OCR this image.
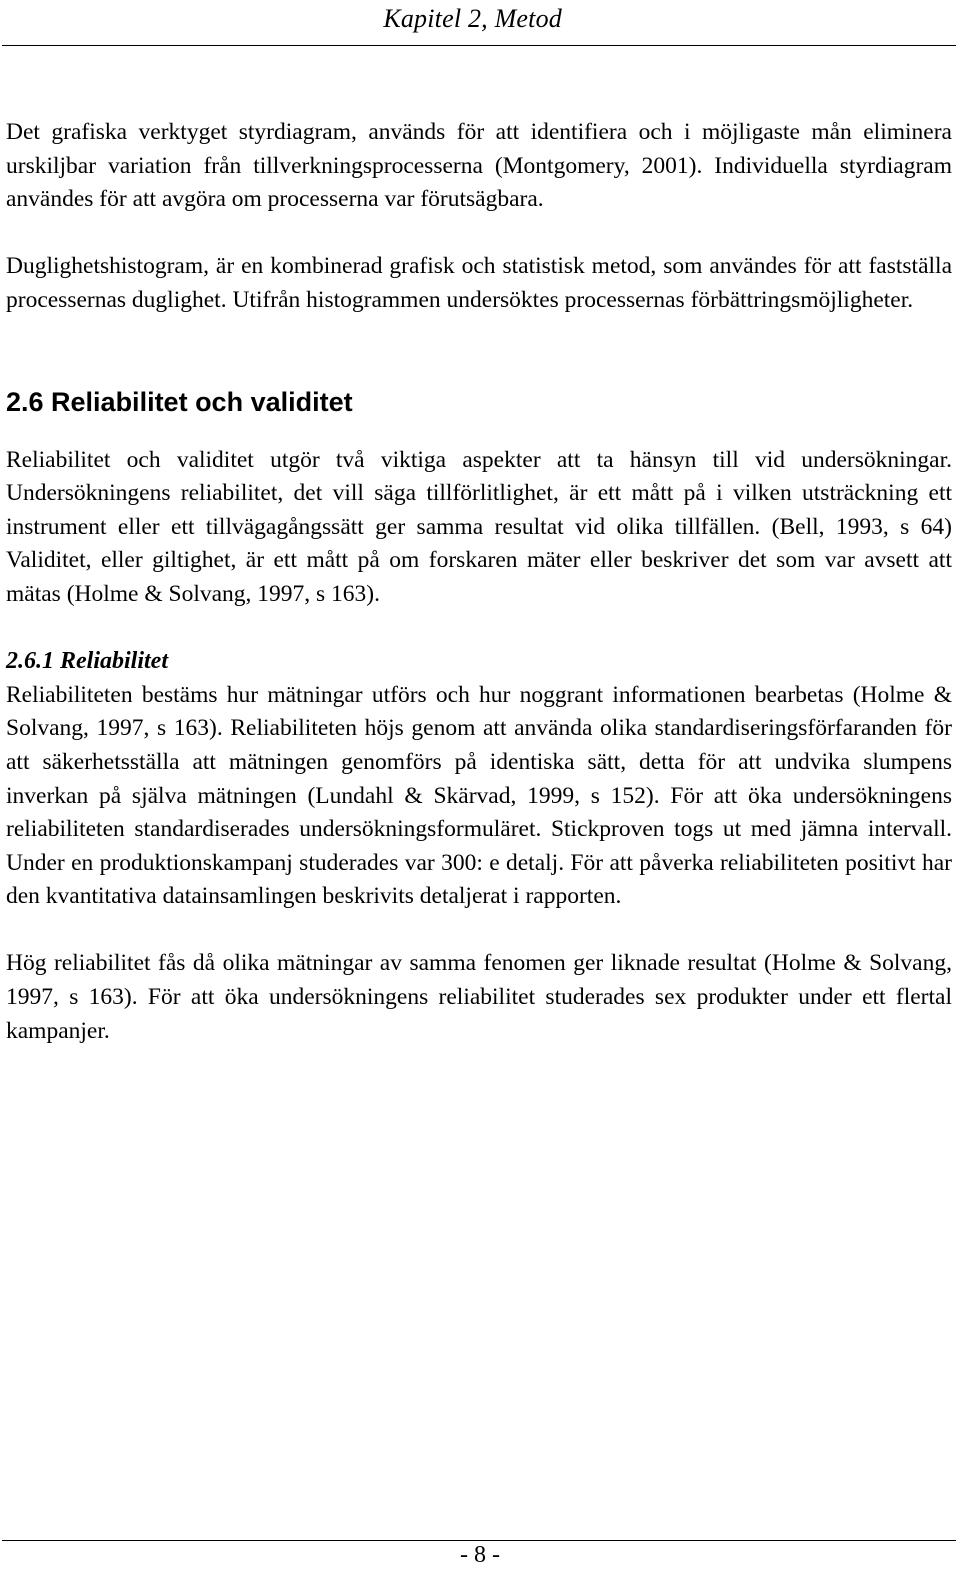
Kapitel 2, Metod

Det grafiska verktyget styrdiagram, används för att identifiera och i möjligaste mån eliminera urskiljbar variation från tillverkningsprocesserna (Montgomery, 2001). Individuella styrdiagram användes för att avgöra om processerna var förutsägbara.

Duglighetshistogram, är en kombinerad grafisk och statistisk metod, som användes för att fastställa processernas duglighet. Utifrån histogrammen undersöktes processernas förbättringsmöjligheter.

2.6 Reliabilitet och validitet

Reliabilitet och validitet utgör två viktiga aspekter att ta hänsyn till vid undersökningar. Undersökningens reliabilitet, det vill säga tillförlitlighet, är ett mått på i vilken utsträckning ett instrument eller ett tillvägagångssätt ger samma resultat vid olika tillfällen. (Bell, 1993, s 64) Validitet, eller giltighet, är ett mått på om forskaren mäter eller beskriver det som var avsett att mätas (Holme & Solvang, 1997, s 163).

2.6.1 Reliabilitet

Reliabiliteten bestäms hur mätningar utförs och hur noggrant informationen bearbetas (Holme & Solvang, 1997, s 163). Reliabiliteten höjs genom att använda olika standardiseringsförfaranden för att säkerhetsställa att mätningen genomförs på identiska sätt, detta för att undvika slumpens inverkan på själva mätningen (Lundahl & Skärvad, 1999, s 152). För att öka undersökningens reliabiliteten standardiserades undersökningsformuläret. Stickproven togs ut med jämna intervall. Under en produktionskampanj studerades var 300: e detalj. För att påverka reliabiliteten positivt har den kvantitativa datainsamlingen beskrivits detaljerat i rapporten.

Hög reliabilitet fås då olika mätningar av samma fenomen ger liknade resultat (Holme & Solvang, 1997, s 163). För att öka undersökningens reliabilitet studerades sex produkter under ett flertal kampanjer.

- 8 -
